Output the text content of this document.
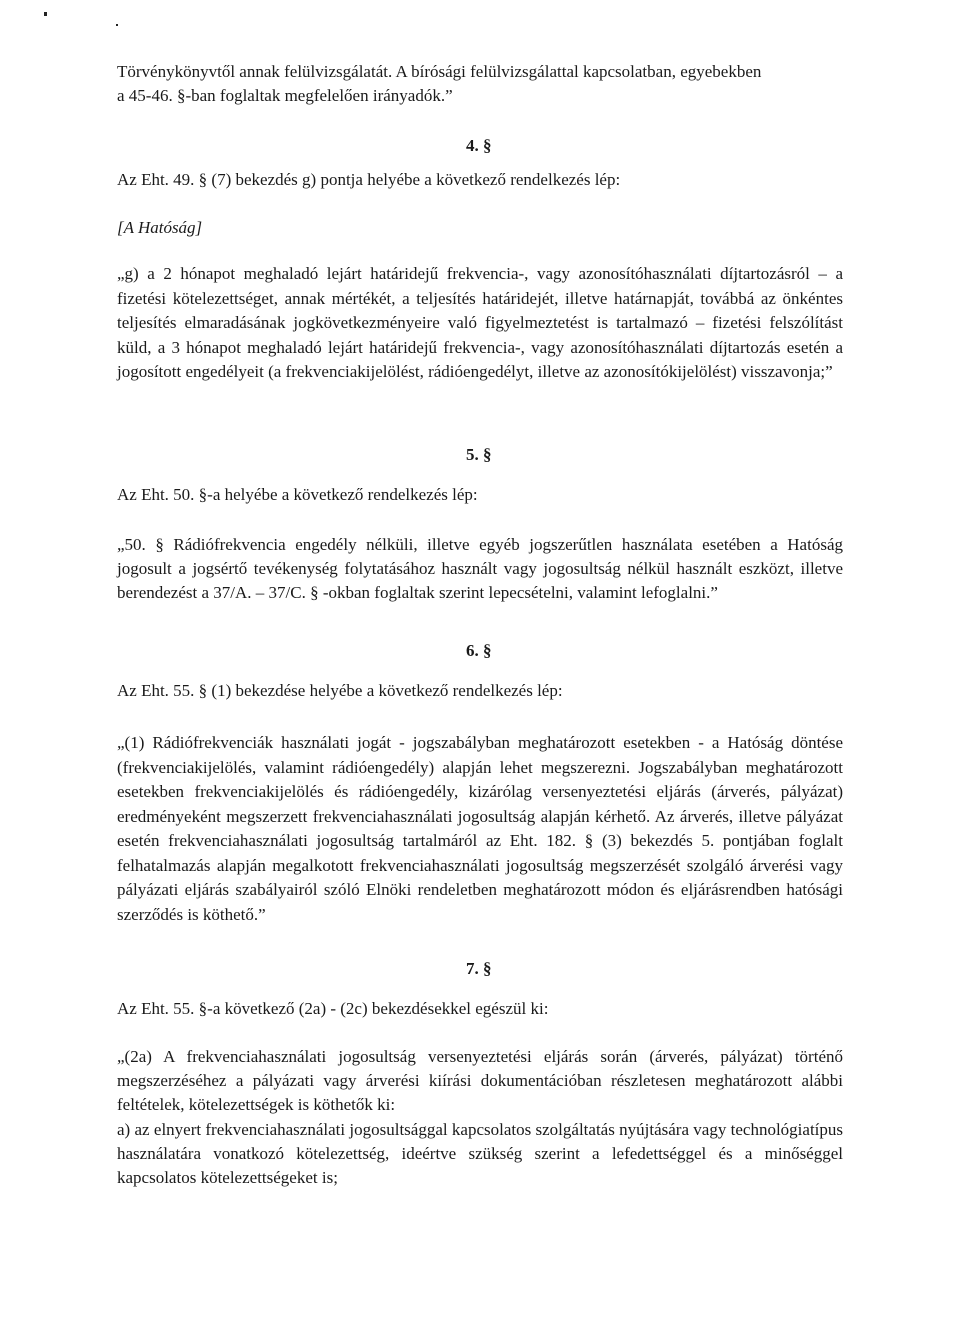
Törvénykönyvtől annak felülvizsgálatát. A bírósági felülvizsgálattal kapcsolatban, egyebekben
a 45-46. §-ban foglaltak megfelelően irányadók.”
4. §
Az Eht. 49. § (7) bekezdés g) pontja helyébe a következő rendelkezés lép:
[A Hatóság]

„g) a 2 hónapot meghaladó lejárt határidejű frekvencia-, vagy azonosítóhasználati díjtartozásról – a fizetési kötelezettséget, annak mértékét, a teljesítés határidejét, illetve határnapját, továbbá az önkéntes teljesítés elmaradásának jogkövetkezményeire való figyelmeztetést is tartalmazó – fizetési felszólítást küld, a 3 hónapot meghaladó lejárt határidejű frekvencia-, vagy azonosítóhasználati díjtartozás esetén a jogosított engedélyeit (a frekvenciakijelölést, rádióengedélyt, illetve az azonosítókijelölést) visszavonja;”

5. §
Az Eht. 50. §-a helyébe a következő rendelkezés lép:

„50. § Rádiófrekvencia engedély nélküli, illetve egyéb jogszerűtlen használata esetében a Hatóság jogosult a jogsértő tevékenység folytatásához használt vagy jogosultság nélkül használt eszközt, illetve berendezést a 37/A. – 37/C. § -okban foglaltak szerint lepecsételni, valamint lefoglalni.”

6. §
Az Eht. 55. § (1) bekezdése helyébe a következő rendelkezés lép:

„(1) Rádiófrekvenciák használati jogát - jogszabályban meghatározott esetekben - a Hatóság döntése (frekvenciakijelölés, valamint rádióengedély) alapján lehet megszerezni. Jogszabályban meghatározott esetekben frekvenciakijelölés és rádióengedély, kizárólag versenyeztetési eljárás (árverés, pályázat) eredményeként megszerzett frekvenciahasználati jogosultság alapján kérhető. Az árverés, illetve pályázat esetén frekvenciahasználati jogosultság tartalmáról az Eht. 182. § (3) bekezdés 5. pontjában foglalt felhatalmazás alapján megalkotott frekvenciahasználati jogosultság megszerzését szolgáló árverési vagy pályázati eljárás szabályairól szóló Elnöki rendeletben meghatározott módon és eljárásrendben hatósági szerződés is köthető.”

7. §
Az Eht. 55. §-a következő (2a) - (2c) bekezdésekkel egészül ki:

„(2a) A frekvenciahasználati jogosultság versenyeztetési eljárás során (árverés, pályázat) történő megszerzéséhez a pályázati vagy árverési kiírási dokumentációban részletesen meghatározott alábbi feltételek, kötelezettségek is köthetők ki:

a) az elnyert frekvenciahasználati jogosultsággal kapcsolatos szolgáltatás nyújtására vagy technológiatípus használatára vonatkozó kötelezettség, ideértve szükség szerint a lefedettséggel és a minőséggel kapcsolatos kötelezettségeket is;
